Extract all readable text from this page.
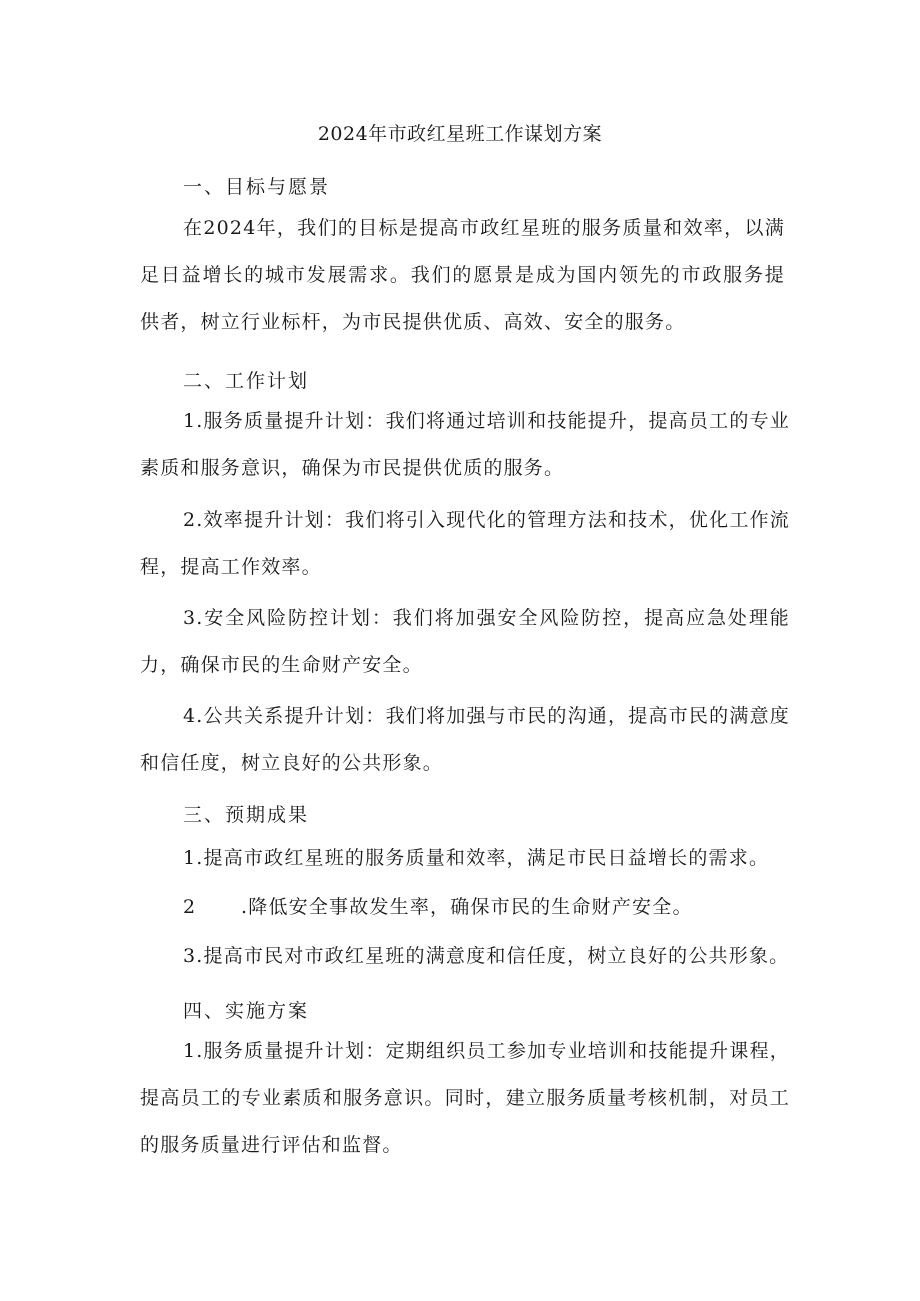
2024年市政红星班工作谋划方案
一、目标与愿景

在2024年，我们的目标是提高市政红星班的服务质量和效率，以满足日益增长的城市发展需求。我们的愿景是成为国内领先的市政服务提供者，树立行业标杆，为市民提供优质、高效、安全的服务。

二、工作计划

1.服务质量提升计划：我们将通过培训和技能提升，提高员工的专业素质和服务意识，确保为市民提供优质的服务。

2.效率提升计划：我们将引入现代化的管理方法和技术，优化工作流程，提高工作效率。

3.安全风险防控计划：我们将加强安全风险防控，提高应急处理能力，确保市民的生命财产安全。

4.公共关系提升计划：我们将加强与市民的沟通，提高市民的满意度和信任度，树立良好的公共形象。

三、预期成果

1.提高市政红星班的服务质量和效率，满足市民日益增长的需求。

2 .降低安全事故发生率，确保市民的生命财产安全。

3.提高市民对市政红星班的满意度和信任度，树立良好的公共形象。

四、实施方案

1.服务质量提升计划：定期组织员工参加专业培训和技能提升课程，提高员工的专业素质和服务意识。同时，建立服务质量考核机制，对员工的服务质量进行评估和监督。
